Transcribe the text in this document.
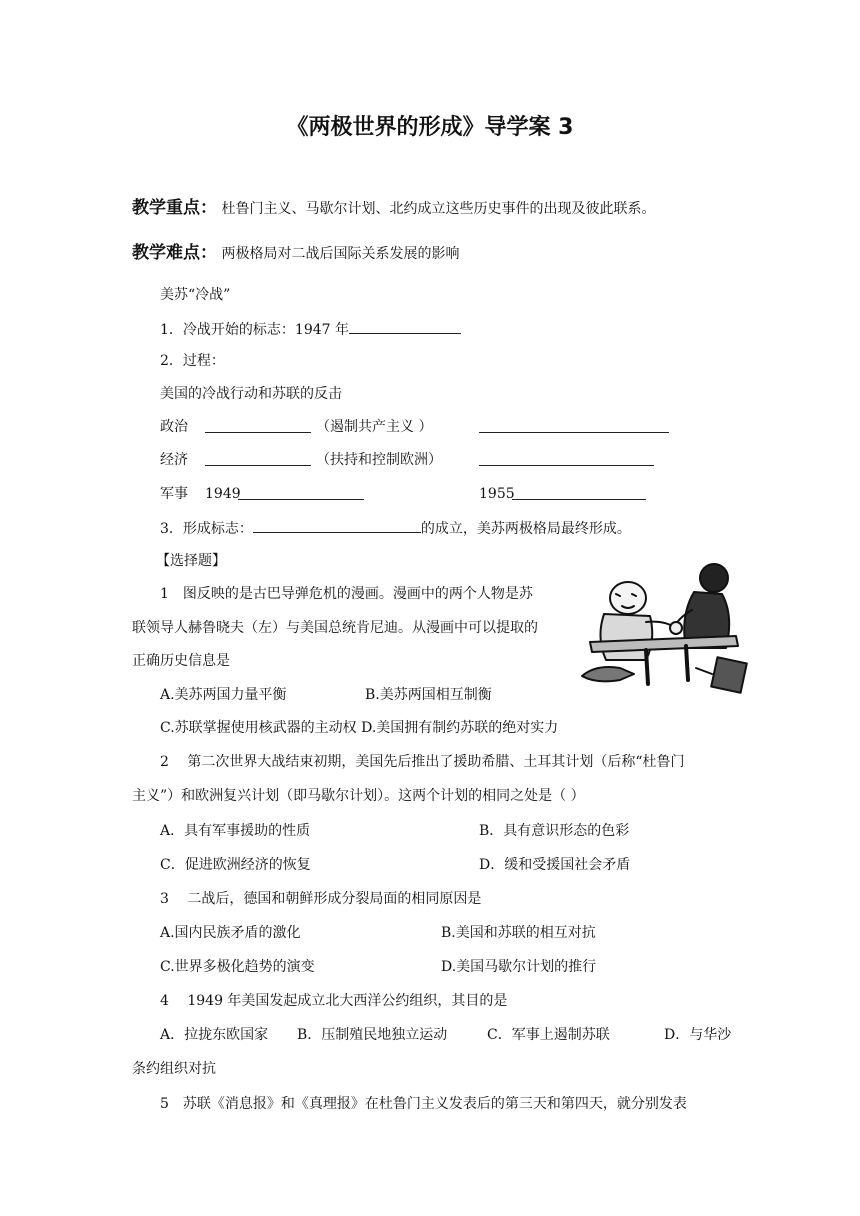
《两极世界的形成》导学案 3
教学重点： 杜鲁门主义、马歇尔计划、北约成立这些历史事件的出现及彼此联系。
教学难点： 两极格局对二战后国际关系发展的影响
美苏“冷战”
1．冷战开始的标志：1947 年
2．过程：
美国的冷战行动和苏联的反击
政治	（遏制共产主义 ）
经济	（扶持和控制欧洲）
军事 1949	1955
3．形成标志：	的成立，美苏两极格局最终形成。
【选择题】
1　图反映的是古巴导弹危机的漫画。漫画中的两个人物是苏
联领导人赫鲁晓夫（左）与美国总统肯尼迪。从漫画中可以提取的
正确历史信息是
A.美苏两国力量平衡	B.美苏两国相互制衡
C.苏联掌握使用核武器的主动权 D.美国拥有制约苏联的绝对实力
2　 第二次世界大战结束初期，美国先后推出了援助希腊、土耳其计划（后称“杜鲁门
主义”）和欧洲复兴计划（即马歇尔计划）。这两个计划的相同之处是（ ）
A．具有军事援助的性质	B．具有意识形态的色彩
C．促进欧洲经济的恢复	D．缓和受援国社会矛盾
3　 二战后，德国和朝鲜形成分裂局面的相同原因是
A.国内民族矛盾的激化	B.美国和苏联的相互对抗
C.世界多极化趋势的演变	D.美国马歇尔计划的推行
4　 1949 年美国发起成立北大西洋公约组织，其目的是
A．拉拢东欧国家 B．压制殖民地独立运动	C．军事上遏制苏联	D．与华沙
条约组织对抗
5　苏联《消息报》和《真理报》在杜鲁门主义发表后的第三天和第四天，就分别发表
